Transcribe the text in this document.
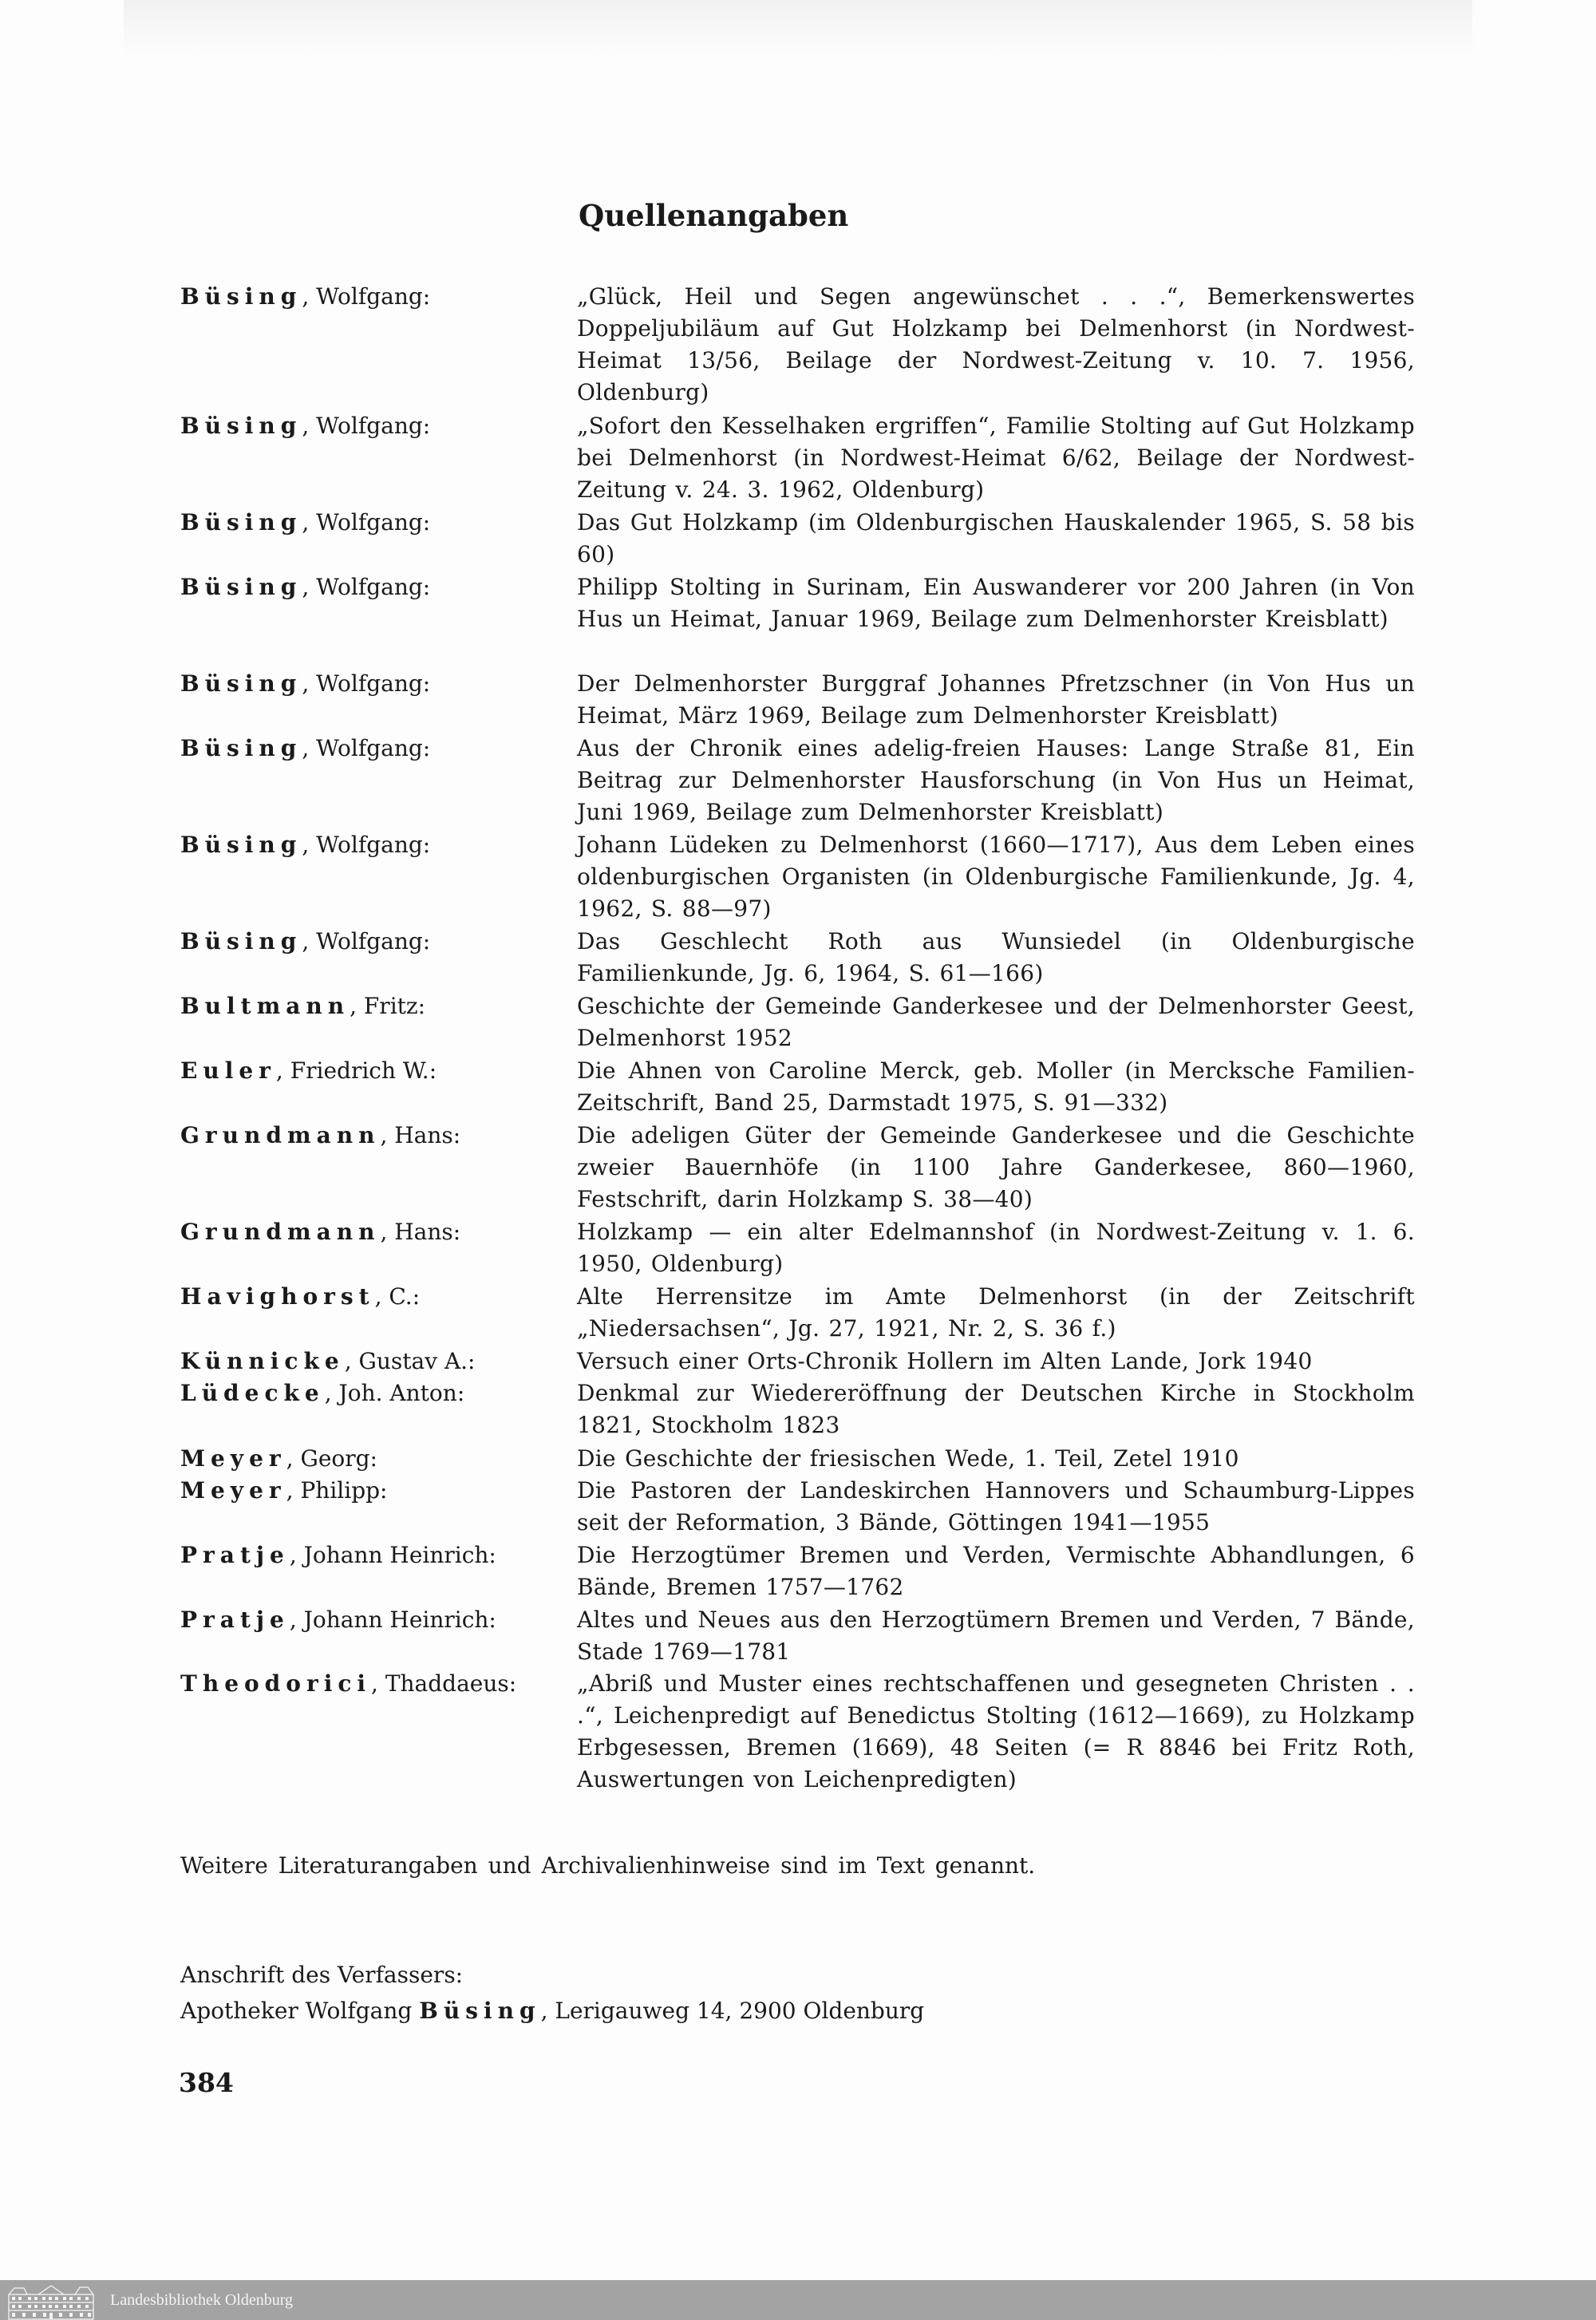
Quellenangaben
Büsing, Wolfgang:	„Glück, Heil und Segen angewünschet . . .“, Bemerkenswertes Doppeljubiläum auf Gut Holzkamp bei Delmenhorst (in Nordwest-Heimat 13/56, Beilage der Nordwest-Zeitung v. 10. 7. 1956, Oldenburg)
Büsing, Wolfgang:	„Sofort den Kesselhaken ergriffen“, Familie Stolting auf Gut Holzkamp bei Delmenhorst (in Nordwest-Heimat 6/62, Beilage der Nordwest-Zeitung v. 24. 3. 1962, Oldenburg)
Büsing, Wolfgang:	Das Gut Holzkamp (im Oldenburgischen Hauskalender 1965, S. 58 bis 60)
Büsing, Wolfgang:	Philipp Stolting in Surinam, Ein Auswanderer vor 200 Jahren (in Von Hus un Heimat, Januar 1969, Beilage zum Delmenhorster Kreisblatt)
Büsing, Wolfgang:	Der Delmenhorster Burggraf Johannes Pfretzschner (in Von Hus un Heimat, März 1969, Beilage zum Delmenhorster Kreisblatt)
Büsing, Wolfgang:	Aus der Chronik eines adelig-freien Hauses: Lange Straße 81, Ein Beitrag zur Delmenhorster Hausforschung (in Von Hus un Heimat, Juni 1969, Beilage zum Delmenhorster Kreisblatt)
Büsing, Wolfgang:	Johann Lüdeken zu Delmenhorst (1660—1717), Aus dem Leben eines oldenburgischen Organisten (in Oldenburgische Familienkunde, Jg. 4, 1962, S. 88—97)
Büsing, Wolfgang:	Das Geschlecht Roth aus Wunsiedel (in Oldenburgische Familienkunde, Jg. 6, 1964, S. 61—166)
Bultmann, Fritz:	Geschichte der Gemeinde Ganderkesee und der Delmenhorster Geest, Delmenhorst 1952
Euler, Friedrich W.:	Die Ahnen von Caroline Merck, geb. Moller (in Mercksche Familien-Zeitschrift, Band 25, Darmstadt 1975, S. 91—332)
Grundmann, Hans:	Die adeligen Güter der Gemeinde Ganderkesee und die Geschichte zweier Bauernhöfe (in 1100 Jahre Ganderkesee, 860—1960, Festschrift, darin Holzkamp S. 38—40)
Grundmann, Hans:	Holzkamp — ein alter Edelmannshof (in Nordwest-Zeitung v. 1. 6. 1950, Oldenburg)
Havighorst, C.:	Alte Herrensitze im Amte Delmenhorst (in der Zeitschrift „Niedersachsen“, Jg. 27, 1921, Nr. 2, S. 36 f.)
Künnicke, Gustav A.:	Versuch einer Orts-Chronik Hollern im Alten Lande, Jork 1940
Lüdecke, Joh. Anton:	Denkmal zur Wiedereröffnung der Deutschen Kirche in Stockholm 1821, Stockholm 1823
Meyer, Georg:	Die Geschichte der friesischen Wede, 1. Teil, Zetel 1910
Meyer, Philipp:	Die Pastoren der Landeskirchen Hannovers und Schaumburg-Lippes seit der Reformation, 3 Bände, Göttingen 1941—1955
Pratje, Johann Heinrich:	Die Herzogtümer Bremen und Verden, Vermischte Abhandlungen, 6 Bände, Bremen 1757—1762
Pratje, Johann Heinrich:	Altes und Neues aus den Herzogtümern Bremen und Verden, 7 Bände, Stade 1769—1781
Theodorici, Thaddaeus:	„Abriß und Muster eines rechtschaffenen und gesegneten Christen . . .“, Leichenpredigt auf Benedictus Stolting (1612—1669), zu Holzkamp Erbgesessen, Bremen (1669), 48 Seiten (= R 8846 bei Fritz Roth, Auswertungen von Leichenpredigten)
Weitere Literaturangaben und Archivalienhinweise sind im Text genannt.
Anschrift des Verfassers:
Apotheker Wolfgang Büsing, Lerigauweg 14, 2900 Oldenburg
384
Landesbibliothek Oldenburg
